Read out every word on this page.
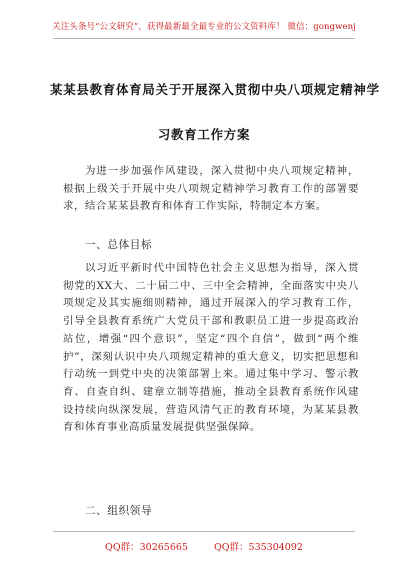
关注头条号“公文研究”，获得最新最全最专业的公文资料库！ 微信：gongwenj
某某县教育体育局关于开展深入贯彻中央八项规定精神学
习教育工作方案
为进一步加强作风建设，深入贯彻中央八项规定精神，根据上级关于开展中央八项规定精神学习教育工作的部署要求，结合某某县教育和体育工作实际，特制定本方案。
一、总体目标
以习近平新时代中国特色社会主义思想为指导，深入贯彻党的XX大、二十届二中、三中全会精神，全面落实中央八项规定及其实施细则精神，通过开展深入的学习教育工作，引导全县教育系统广大党员干部和教职员工进一步提高政治站位，增强“四个意识”，坚定“四个自信”，做到“两个维护”，深刻认识中央八项规定精神的重大意义，切实把思想和行动统一到党中央的决策部署上来。通过集中学习、警示教育、自查自纠、建章立制等措施，推动全县教育系统作风建设持续向纵深发展，营造风清气正的教育环境，为某某县教育和体育事业高质量发展提供坚强保障。
二、组织领导
QQ群：30265665	QQ群：535304092
